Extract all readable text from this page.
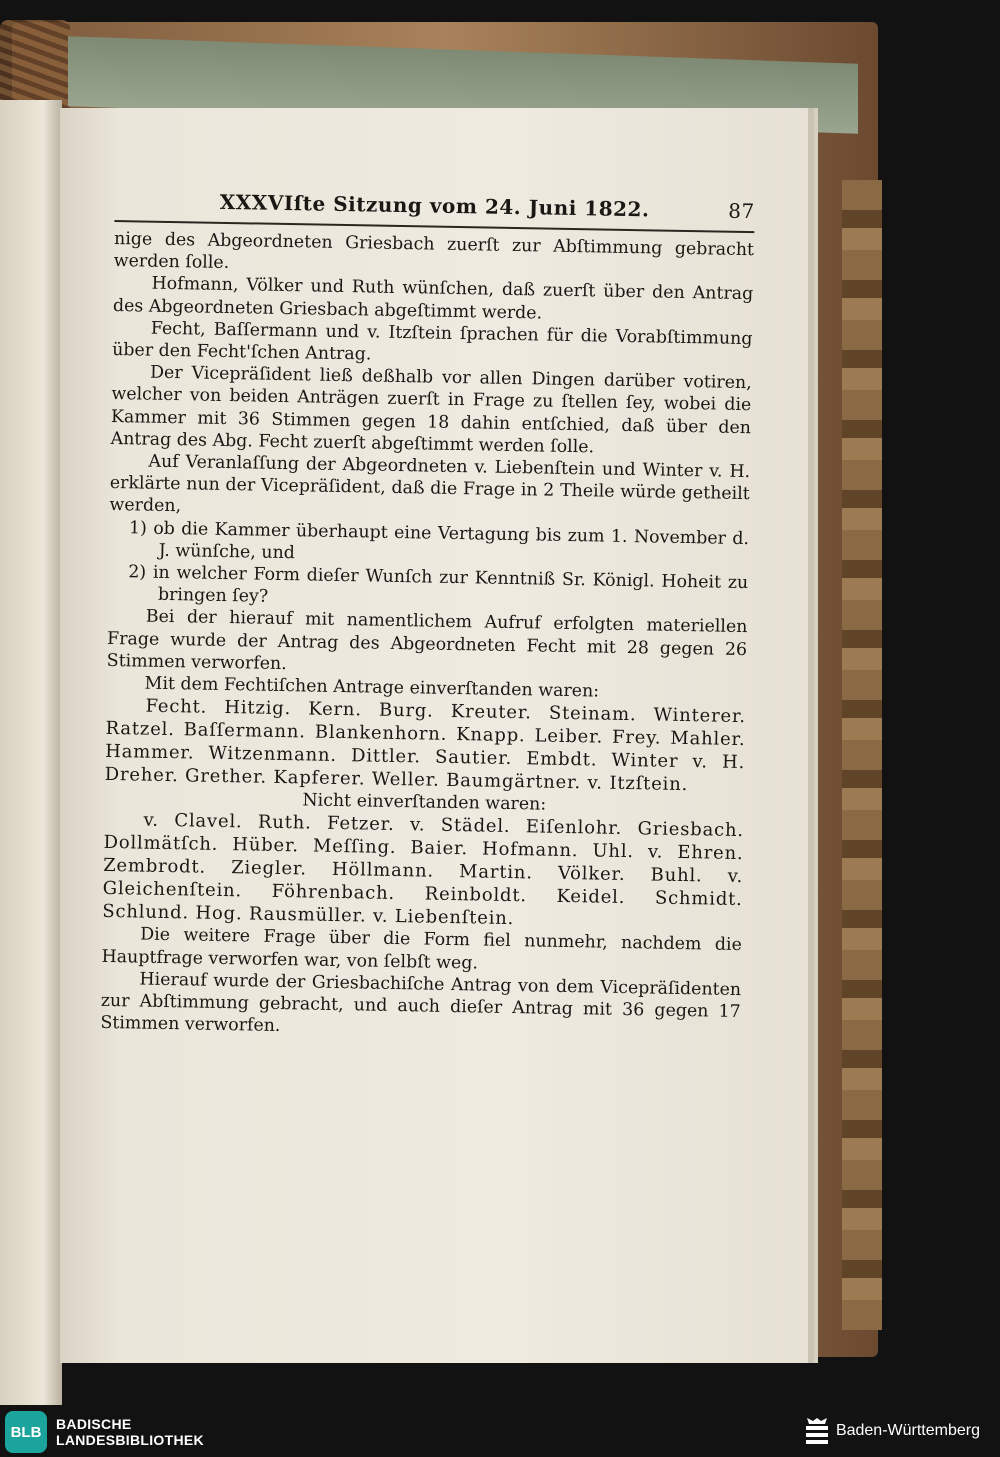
XXXVIſte Sitzung vom 24. Juni 1822.	87
nige des Abgeordneten Griesbach zuerſt zur Abſtimmung gebracht werden ſolle.
Hofmann, Völker und Ruth wünſchen, daß zuerſt über den Antrag des Abgeordneten Griesbach abgeſtimmt werde.
Fecht, Baſſermann und v. Itzſtein ſprachen für die Vorabſtimmung über den Fecht'ſchen Antrag.
Der Vicepräſident ließ deßhalb vor allen Dingen darüber votiren, welcher von beiden Anträgen zuerſt in Frage zu ſtellen ſey, wobei die Kammer mit 36 Stimmen gegen 18 dahin entſchied, daß über den Antrag des Abg. Fecht zuerſt abgeſtimmt werden ſolle.
Auf Veranlaſſung der Abgeordneten v. Liebenſtein und Winter v. H. erklärte nun der Vicepräſident, daß die Frage in 2 Theile würde getheilt werden,
1) ob die Kammer überhaupt eine Vertagung bis zum 1. November d. J. wünſche, und
2) in welcher Form dieſer Wunſch zur Kenntniß Sr. Königl. Hoheit zu bringen ſey?
Bei der hierauf mit namentlichem Aufruf erfolgten materiellen Frage wurde der Antrag des Abgeordneten Fecht mit 28 gegen 26 Stimmen verworfen.
Mit dem Fechtiſchen Antrage einverſtanden waren:
Fecht. Hitzig. Kern. Burg. Kreuter. Steinam. Winterer. Ratzel. Baſſermann. Blankenhorn. Knapp. Leiber. Frey. Mahler. Hammer. Witzenmann. Dittler. Sautier. Embdt. Winter v. H. Dreher. Grether. Kapferer. Weller. Baumgärtner. v. Itzſtein.
Nicht einverſtanden waren:
v. Clavel. Ruth. Fetzer. v. Städel. Eiſenlohr. Griesbach. Dollmätſch. Hüber. Meſſing. Baier. Hofmann. Uhl. v. Ehren. Zembrodt. Ziegler. Höllmann. Martin. Völker. Buhl. v. Gleichenſtein. Föhrenbach. Reinboldt. Keidel. Schmidt. Schlund. Hog. Rausmüller. v. Liebenſtein.
Die weitere Frage über die Form fiel nunmehr, nachdem die Hauptfrage verworfen war, von ſelbſt weg.
Hierauf wurde der Griesbachiſche Antrag von dem Vicepräſidenten zur Abſtimmung gebracht, und auch dieſer Antrag mit 36 gegen 17 Stimmen verworfen.
BLB	BADISCHE
LANDESBIBLIOTHEK
Baden-Württemberg
